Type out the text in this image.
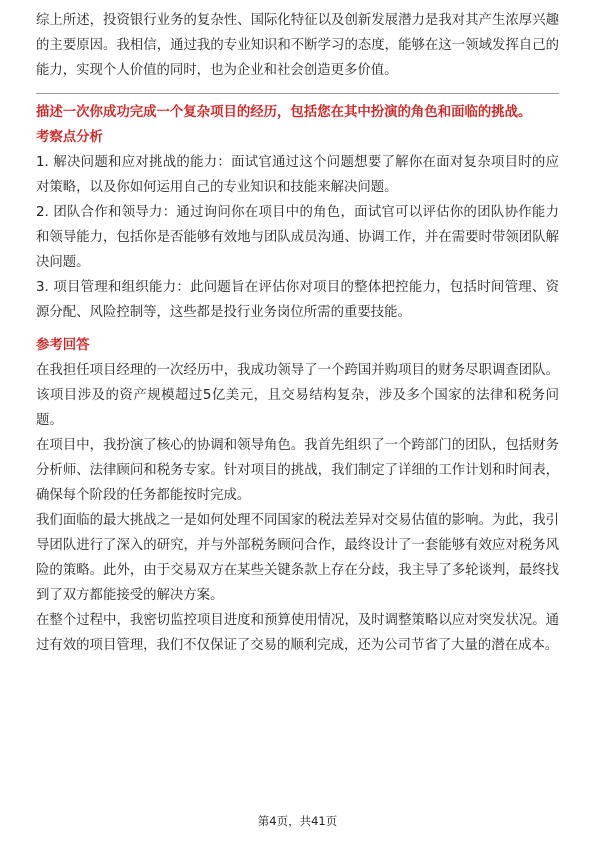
综上所述，投资银行业务的复杂性、国际化特征以及创新发展潜力是我对其产生浓厚兴趣的主要原因。我相信，通过我的专业知识和不断学习的态度，能够在这一领域发挥自己的能力，实现个人价值的同时，也为企业和社会创造更多价值。

描述一次你成功完成一个复杂项目的经历，包括您在其中扮演的角色和面临的挑战。

考察点分析

1. 解决问题和应对挑战的能力：面试官通过这个问题想要了解你在面对复杂项目时的应对策略，以及你如何运用自己的专业知识和技能来解决问题。

2. 团队合作和领导力：通过询问你在项目中的角色，面试官可以评估你的团队协作能力和领导能力，包括你是否能够有效地与团队成员沟通、协调工作，并在需要时带领团队解决问题。

3. 项目管理和组织能力：此问题旨在评估你对项目的整体把控能力，包括时间管理、资源分配、风险控制等，这些都是投行业务岗位所需的重要技能。

参考回答

在我担任项目经理的一次经历中，我成功领导了一个跨国并购项目的财务尽职调查团队。该项目涉及的资产规模超过5亿美元，且交易结构复杂，涉及多个国家的法律和税务问题。

在项目中，我扮演了核心的协调和领导角色。我首先组织了一个跨部门的团队，包括财务分析师、法律顾问和税务专家。针对项目的挑战，我们制定了详细的工作计划和时间表，确保每个阶段的任务都能按时完成。

我们面临的最大挑战之一是如何处理不同国家的税法差异对交易估值的影响。为此，我引导团队进行了深入的研究，并与外部税务顾问合作，最终设计了一套能够有效应对税务风险的策略。此外，由于交易双方在某些关键条款上存在分歧，我主导了多轮谈判，最终找到了双方都能接受的解决方案。

在整个过程中，我密切监控项目进度和预算使用情况，及时调整策略以应对突发状况。通过有效的项目管理，我们不仅保证了交易的顺利完成，还为公司节省了大量的潜在成本。

第4页，共41页
